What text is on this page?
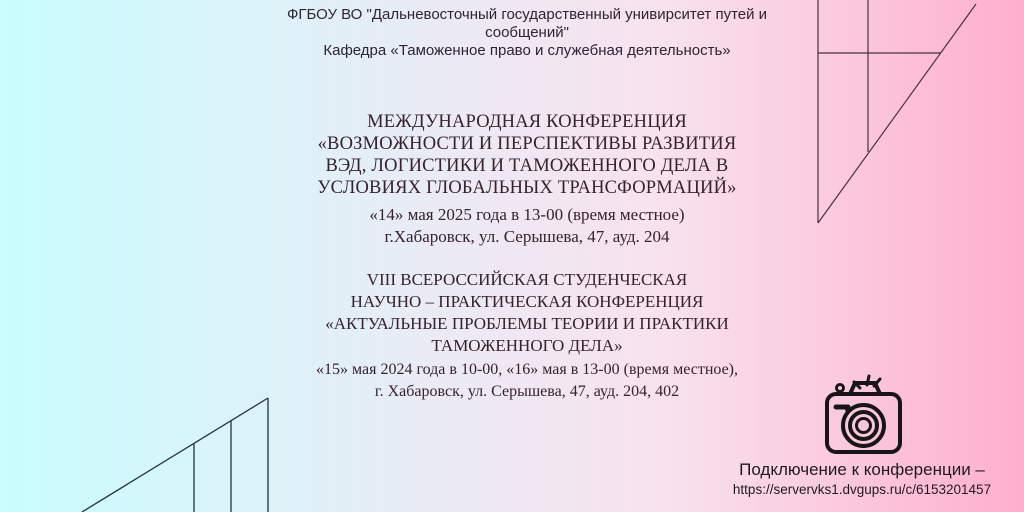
ФГБОУ ВО "Дальневосточный государственный унивирситет путей и
сообщений"
Кафедра «Таможенное право и служебная деятельность»
МЕЖДУНАРОДНАЯ КОНФЕРЕНЦИЯ
«ВОЗМОЖНОСТИ И ПЕРСПЕКТИВЫ РАЗВИТИЯ
ВЭД, ЛОГИСТИКИ И ТАМОЖЕННОГО ДЕЛА В
УСЛОВИЯХ ГЛОБАЛЬНЫХ ТРАНСФОРМАЦИЙ»
«14» мая 2025 года в 13-00 (время местное)
г.Хабаровск, ул. Серышева, 47, ауд. 204
VIII ВСЕРОССИЙСКАЯ СТУДЕНЧЕСКАЯ
НАУЧНО – ПРАКТИЧЕСКАЯ КОНФЕРЕНЦИЯ
«АКТУАЛЬНЫЕ ПРОБЛЕМЫ ТЕОРИИ И ПРАКТИКИ
ТАМОЖЕННОГО ДЕЛА»
«15» мая 2024 года в 10-00, «16» мая в 13-00 (время местное),
г. Хабаровск, ул. Серышева, 47, ауд. 204, 402
Подключение к конференции –
https://servervks1.dvgups.ru/c/6153201457
